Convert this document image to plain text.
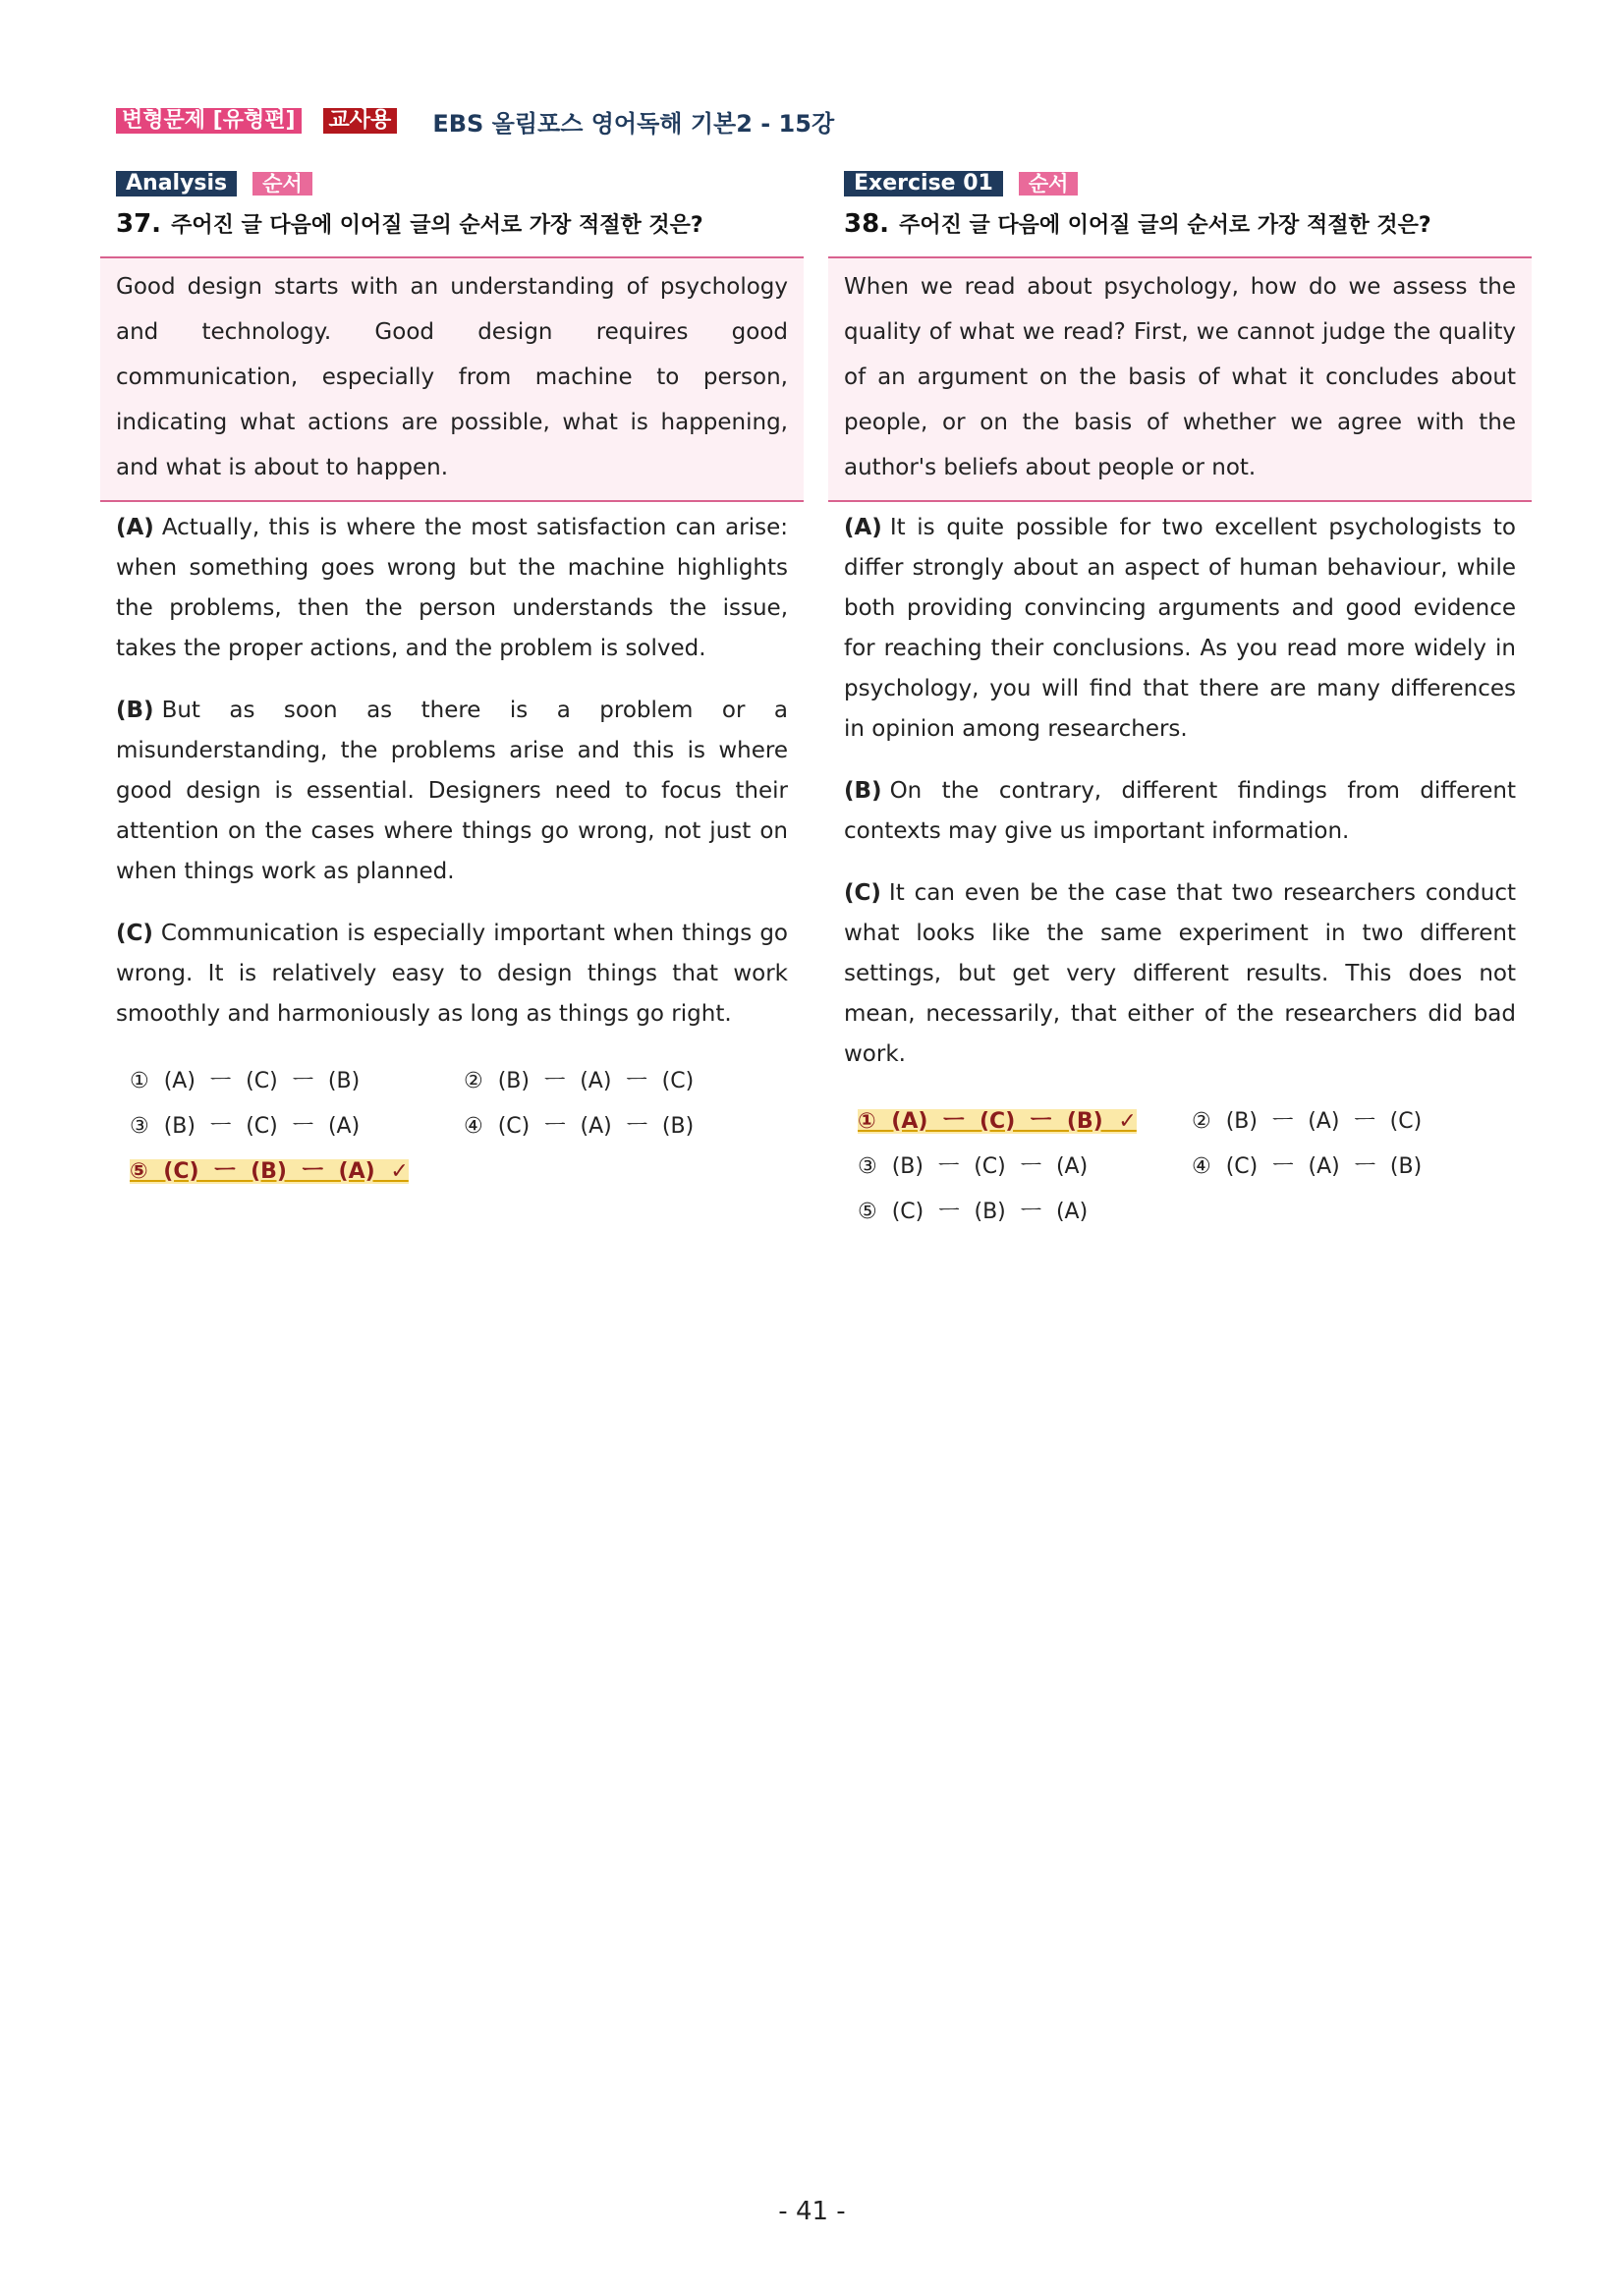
변형문제 [유형편] 교사용 EBS 올림포스 영어독해 기본2 - 15강
Analysis	순서
37. 주어진 글 다음에 이어질 글의 순서로 가장 적절한 것은?
Good design starts with an understanding of psychology and technology. Good design requires good communication, especially from machine to person, indicating what actions are possible, what is happening, and what is about to happen.

(A) Actually, this is where the most satisfaction can arise: when something goes wrong but the machine highlights the problems, then the person understands the issue, takes the proper actions, and the problem is solved.

(B) But as soon as there is a problem or a misunderstanding, the problems arise and this is where good design is essential. Designers need to focus their attention on the cases where things go wrong, not just on when things work as planned.

(C) Communication is especially important when things go wrong. It is relatively easy to design things that work smoothly and harmoniously as long as things go right.

① (A) ㅡ (C) ㅡ (B)	② (B) ㅡ (A) ㅡ (C)
③ (B) ㅡ (C) ㅡ (A)	④ (C) ㅡ (A) ㅡ (B)
⑤ (C) ㅡ (B) ㅡ (A) ✓
Exercise 01	순서
38. 주어진 글 다음에 이어질 글의 순서로 가장 적절한 것은?
When we read about psychology, how do we assess the quality of what we read? First, we cannot judge the quality of an argument on the basis of what it concludes about people, or on the basis of whether we agree with the author's beliefs about people or not.

(A) It is quite possible for two excellent psychologists to differ strongly about an aspect of human behaviour, while both providing convincing arguments and good evidence for reaching their conclusions. As you read more widely in psychology, you will find that there are many differences in opinion among researchers.

(B) On the contrary, different findings from different contexts may give us important information.

(C) It can even be the case that two researchers conduct what looks like the same experiment in two different settings, but get very different results. This does not mean, necessarily, that either of the researchers did bad work.

① (A) ㅡ (C) ㅡ (B) ✓	② (B) ㅡ (A) ㅡ (C)
③ (B) ㅡ (C) ㅡ (A)	④ (C) ㅡ (A) ㅡ (B)
⑤ (C) ㅡ (B) ㅡ (A)
- 41 -
